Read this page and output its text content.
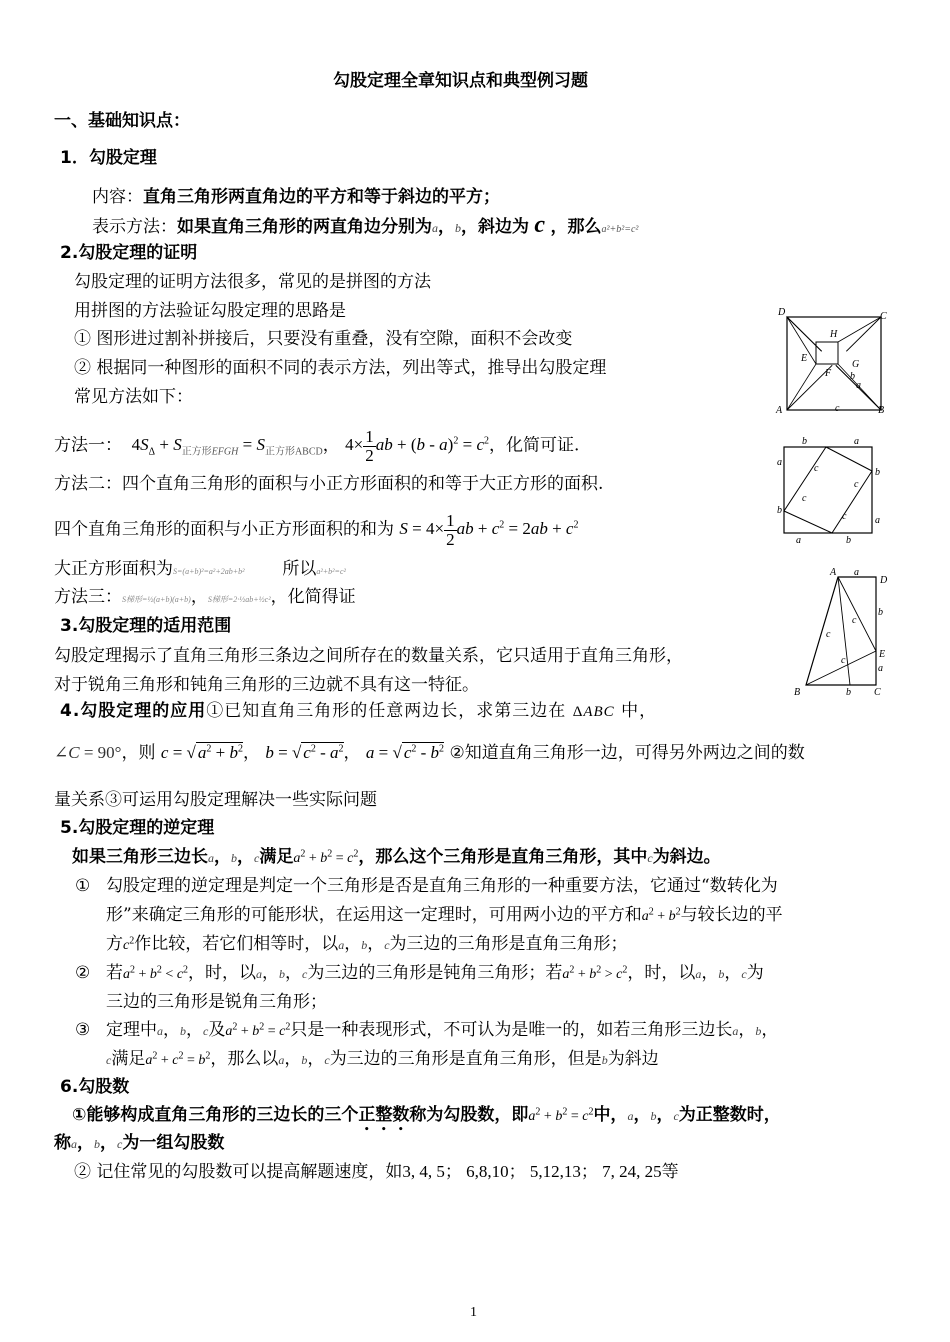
勾股定理全章知识点和典型例习题
一、基础知识点：
1．勾股定理
内容：直角三角形两直角边的平方和等于斜边的平方；
表示方法：如果直角三角形的两直角边分别为a，b，斜边为 c ，那么a²+b²=c²
2.勾股定理的证明
勾股定理的证明方法很多，常见的是拼图的方法
用拼图的方法验证勾股定理的思路是
① 图形进过割补拼接后，只要没有重叠，没有空隙，面积不会改变
② 根据同一种图形的面积不同的表示方法，列出等式，推导出勾股定理
常见方法如下：
方法一：  $4S_\Delta + S_{正方形EFGH} = S_{正方形ABCD}$， $4\times \frac{1}{2}$ ab + $(b - a)^2 = c^2$，化简可证.
方法二：四个直角三角形的面积与小正方形面积的和等于大正方形的面积.
四个直角三角形的面积与小正方形面积的和为 $S = 4\times \frac{1}{2}$ ab + $c^2 = 2ab + c^2$
大正方形面积为S=(a+b)²=a²+2ab+b² 所以a²+b²=c²
方法三：S梯形=½(a+b)(a+b)，S梯形=2·½ab+½c²，化简得证
3.勾股定理的适用范围
勾股定理揭示了直角三角形三条边之间所存在的数量关系，它只适用于直角三角形，
对于锐角三角形和钝角三角形的三边就不具有这一特征。
4.勾股定理的应用①已知直角三角形的任意两边长，求第三边在 ΔABC 中，
∠C = 90°，则 c = √ $a^2 + b^2$， b = √ $c^2 - a^2$， a = √ $c^2 - b^2$ ②知道直角三角形一边，可得另外两边之间的数
量关系③可运用勾股定理解决一些实际问题
5.勾股定理的逆定理
如果三角形三边长a，b，c满足$a^2 + b^2 = c^2$，那么这个三角形是直角三角形，其中c为斜边。
① 勾股定理的逆定理是判定一个三角形是否是直角三角形的一种重要方法，它通过“数转化为
形”来确定三角形的可能形状，在运用这一定理时，可用两小边的平方和$a^2 + b^2$与较长边的平
方$c^2$作比较，若它们相等时，以a，b，c为三边的三角形是直角三角形；
② 若$a^2 + b^2 < c^2$，时，以a，b，c为三边的三角形是钝角三角形；若$a^2 + b^2 > c^2$，时，以a，b，c为
三边的三角形是锐角三角形；
③ 定理中a，b，c及$a^2 + b^2 = c^2$只是一种表现形式，不可认为是唯一的，如若三角形三边长a，b，
c满足$a^2 + c^2 = b^2$，那么以a，b，c为三边的三角形是直角三角形，但是b为斜边
6.勾股数
①能够构成直角三角形的三边长的三个正整数称为勾股数，即$a^2 + b^2 = c^2$中，a，b，c为正整数时，
称a，b，c为一组勾股数
② 记住常见的勾股数可以提高解题速度，如3, 4, 5； 6,8,10； 5,12,13； 7, 24, 25等
1
D	C
A	B
H
E
G
F b
a
c
b	a
a
b
b
a
a	b
c
c
c
c
A
D
E
B	C
a
b
a
b
c
c
c
